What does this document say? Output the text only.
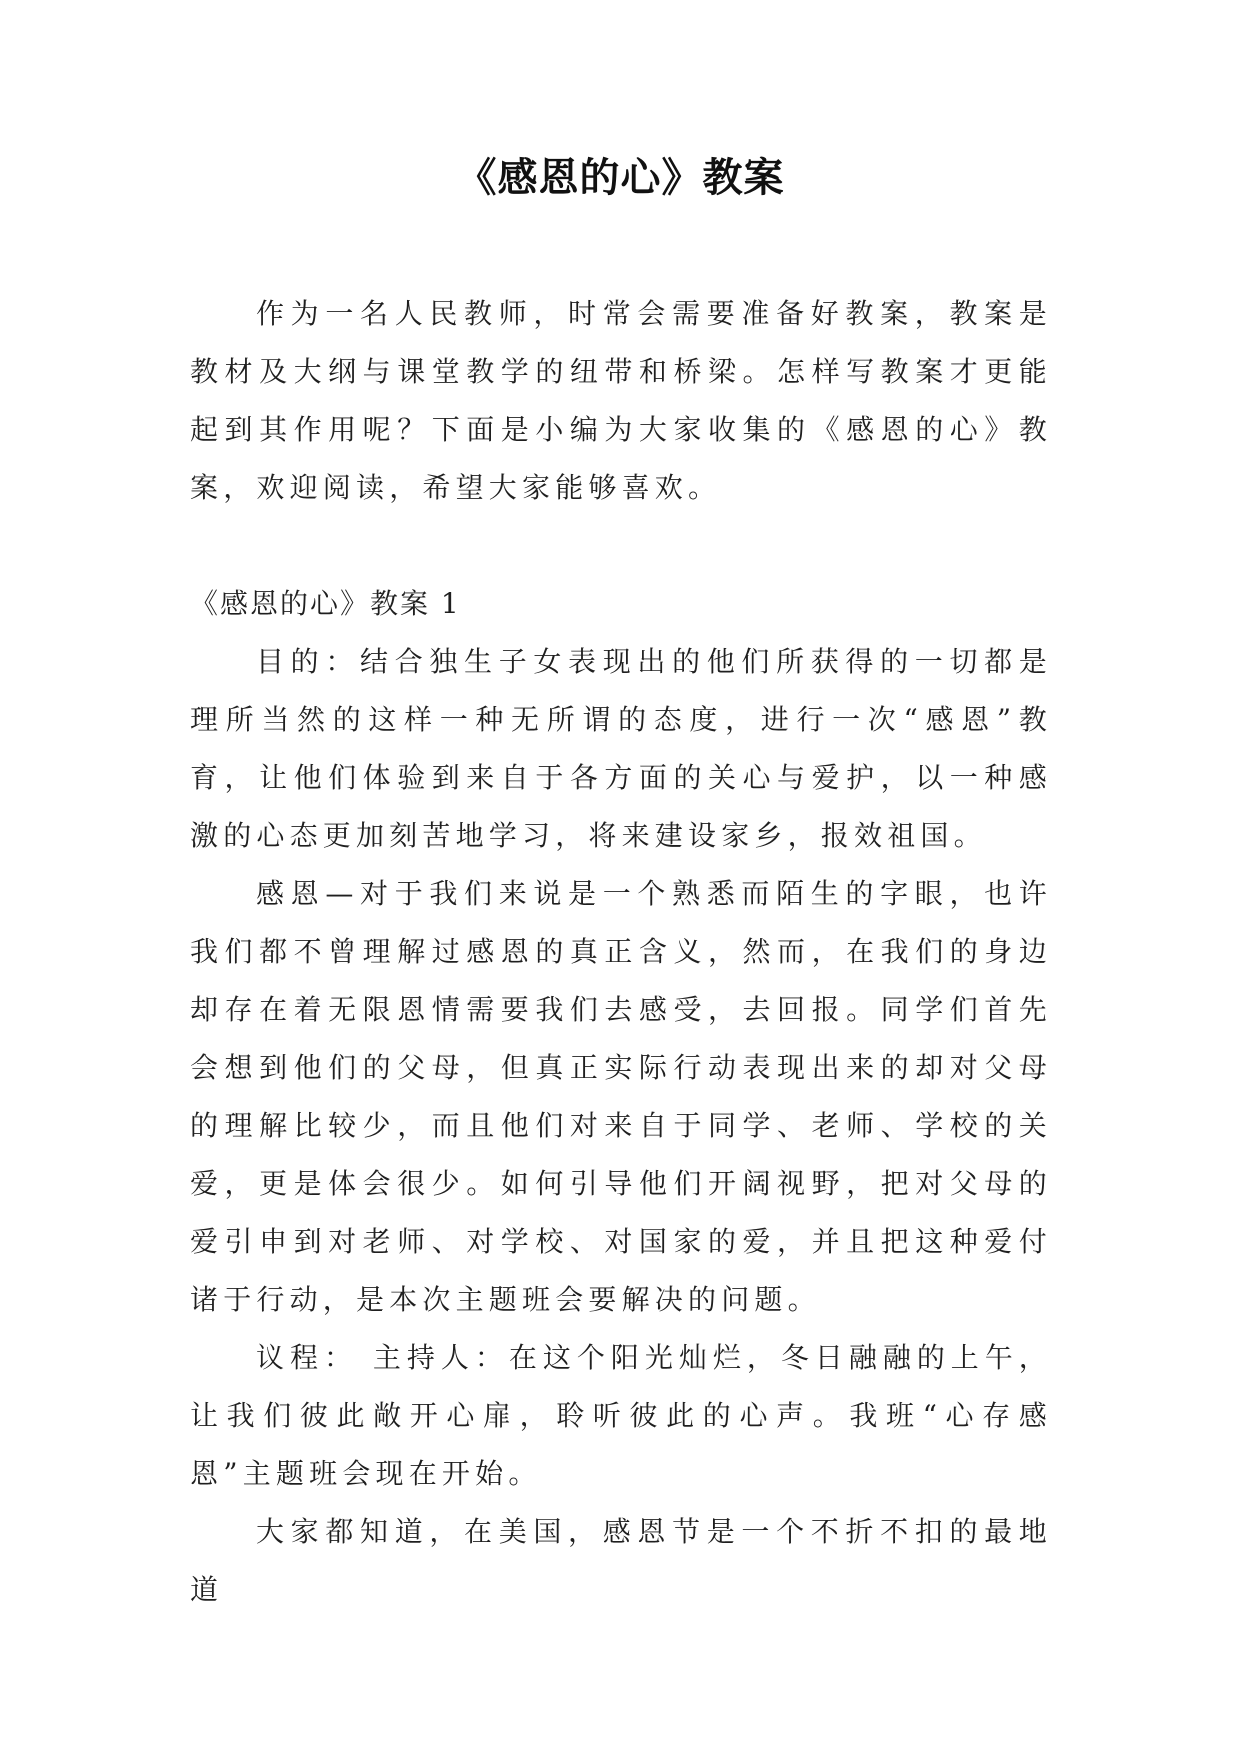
《感恩的心》教案

作为一名人民教师，时常会需要准备好教案，教案是教材及大纲与课堂教学的纽带和桥梁。怎样写教案才更能起到其作用呢？下面是小编为大家收集的《感恩的心》教案，欢迎阅读，希望大家能够喜欢。

《感恩的心》教案 1

目的：结合独生子女表现出的他们所获得的一切都是理所当然的这样一种无所谓的态度，进行一次“感恩”教育，让他们体验到来自于各方面的关心与爱护，以一种感激的心态更加刻苦地学习，将来建设家乡，报效祖国。

感恩—对于我们来说是一个熟悉而陌生的字眼，也许我们都不曾理解过感恩的真正含义，然而，在我们的身边却存在着无限恩情需要我们去感受，去回报。同学们首先会想到他们的父母，但真正实际行动表现出来的却对父母的理解比较少，而且他们对来自于同学、老师、学校的关爱，更是体会很少。如何引导他们开阔视野，把对父母的爱引申到对老师、对学校、对国家的爱，并且把这种爱付诸于行动，是本次主题班会要解决的问题。

议程： 主持人：在这个阳光灿烂，冬日融融的上午，让我们彼此敞开心扉，聆听彼此的心声。我班“心存感恩”主题班会现在开始。

大家都知道，在美国，感恩节是一个不折不扣的最地道
